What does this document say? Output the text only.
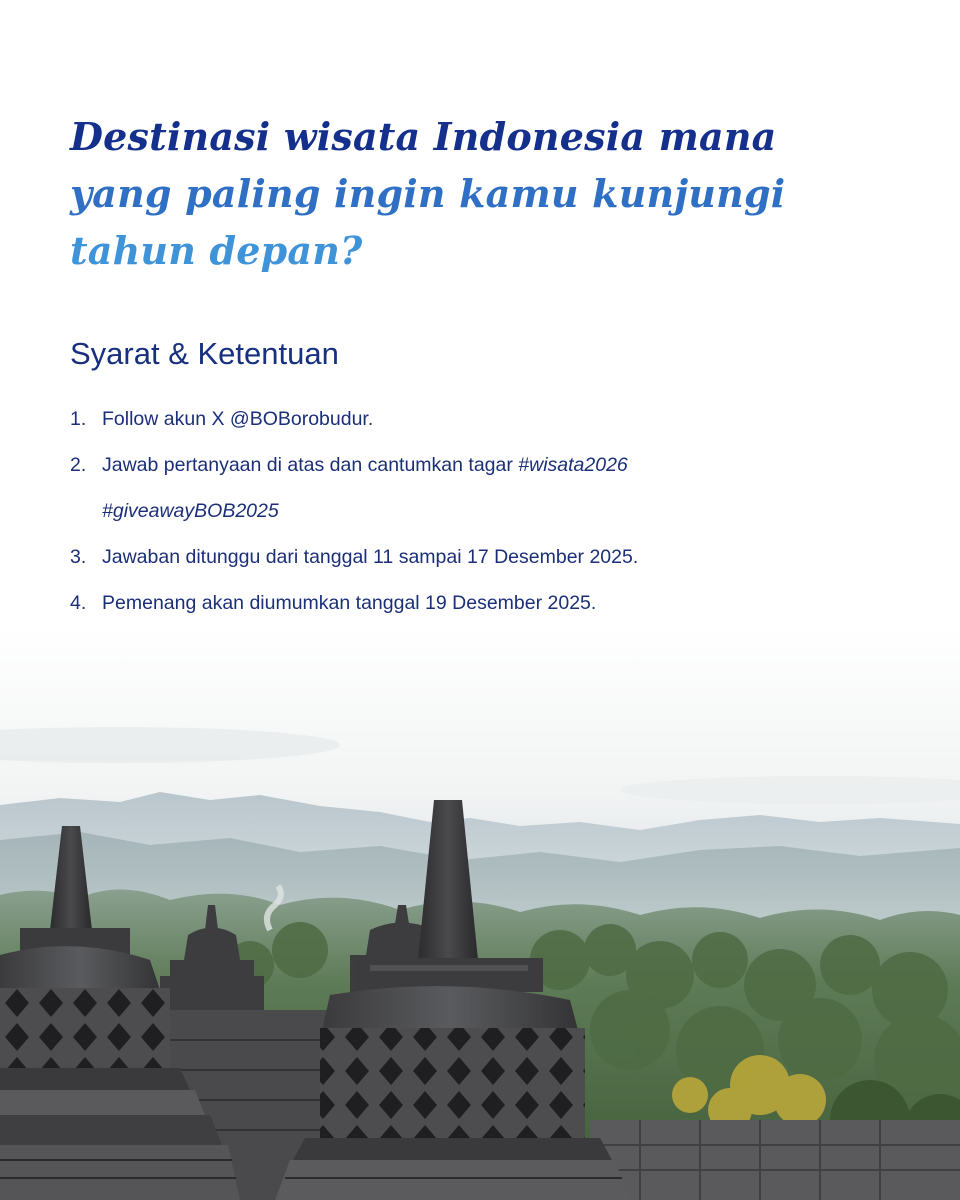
Destinasi wisata Indonesia mana
yang paling ingin kamu kunjungi
tahun depan?
Syarat & Ketentuan
1. Follow akun X @BOBorobudur.
2. Jawab pertanyaan di atas dan cantumkan tagar #wisata2026
#giveawayBOB2025
3. Jawaban ditunggu dari tanggal 11 sampai 17 Desember 2025.
4. Pemenang akan diumumkan tanggal 19 Desember 2025.
